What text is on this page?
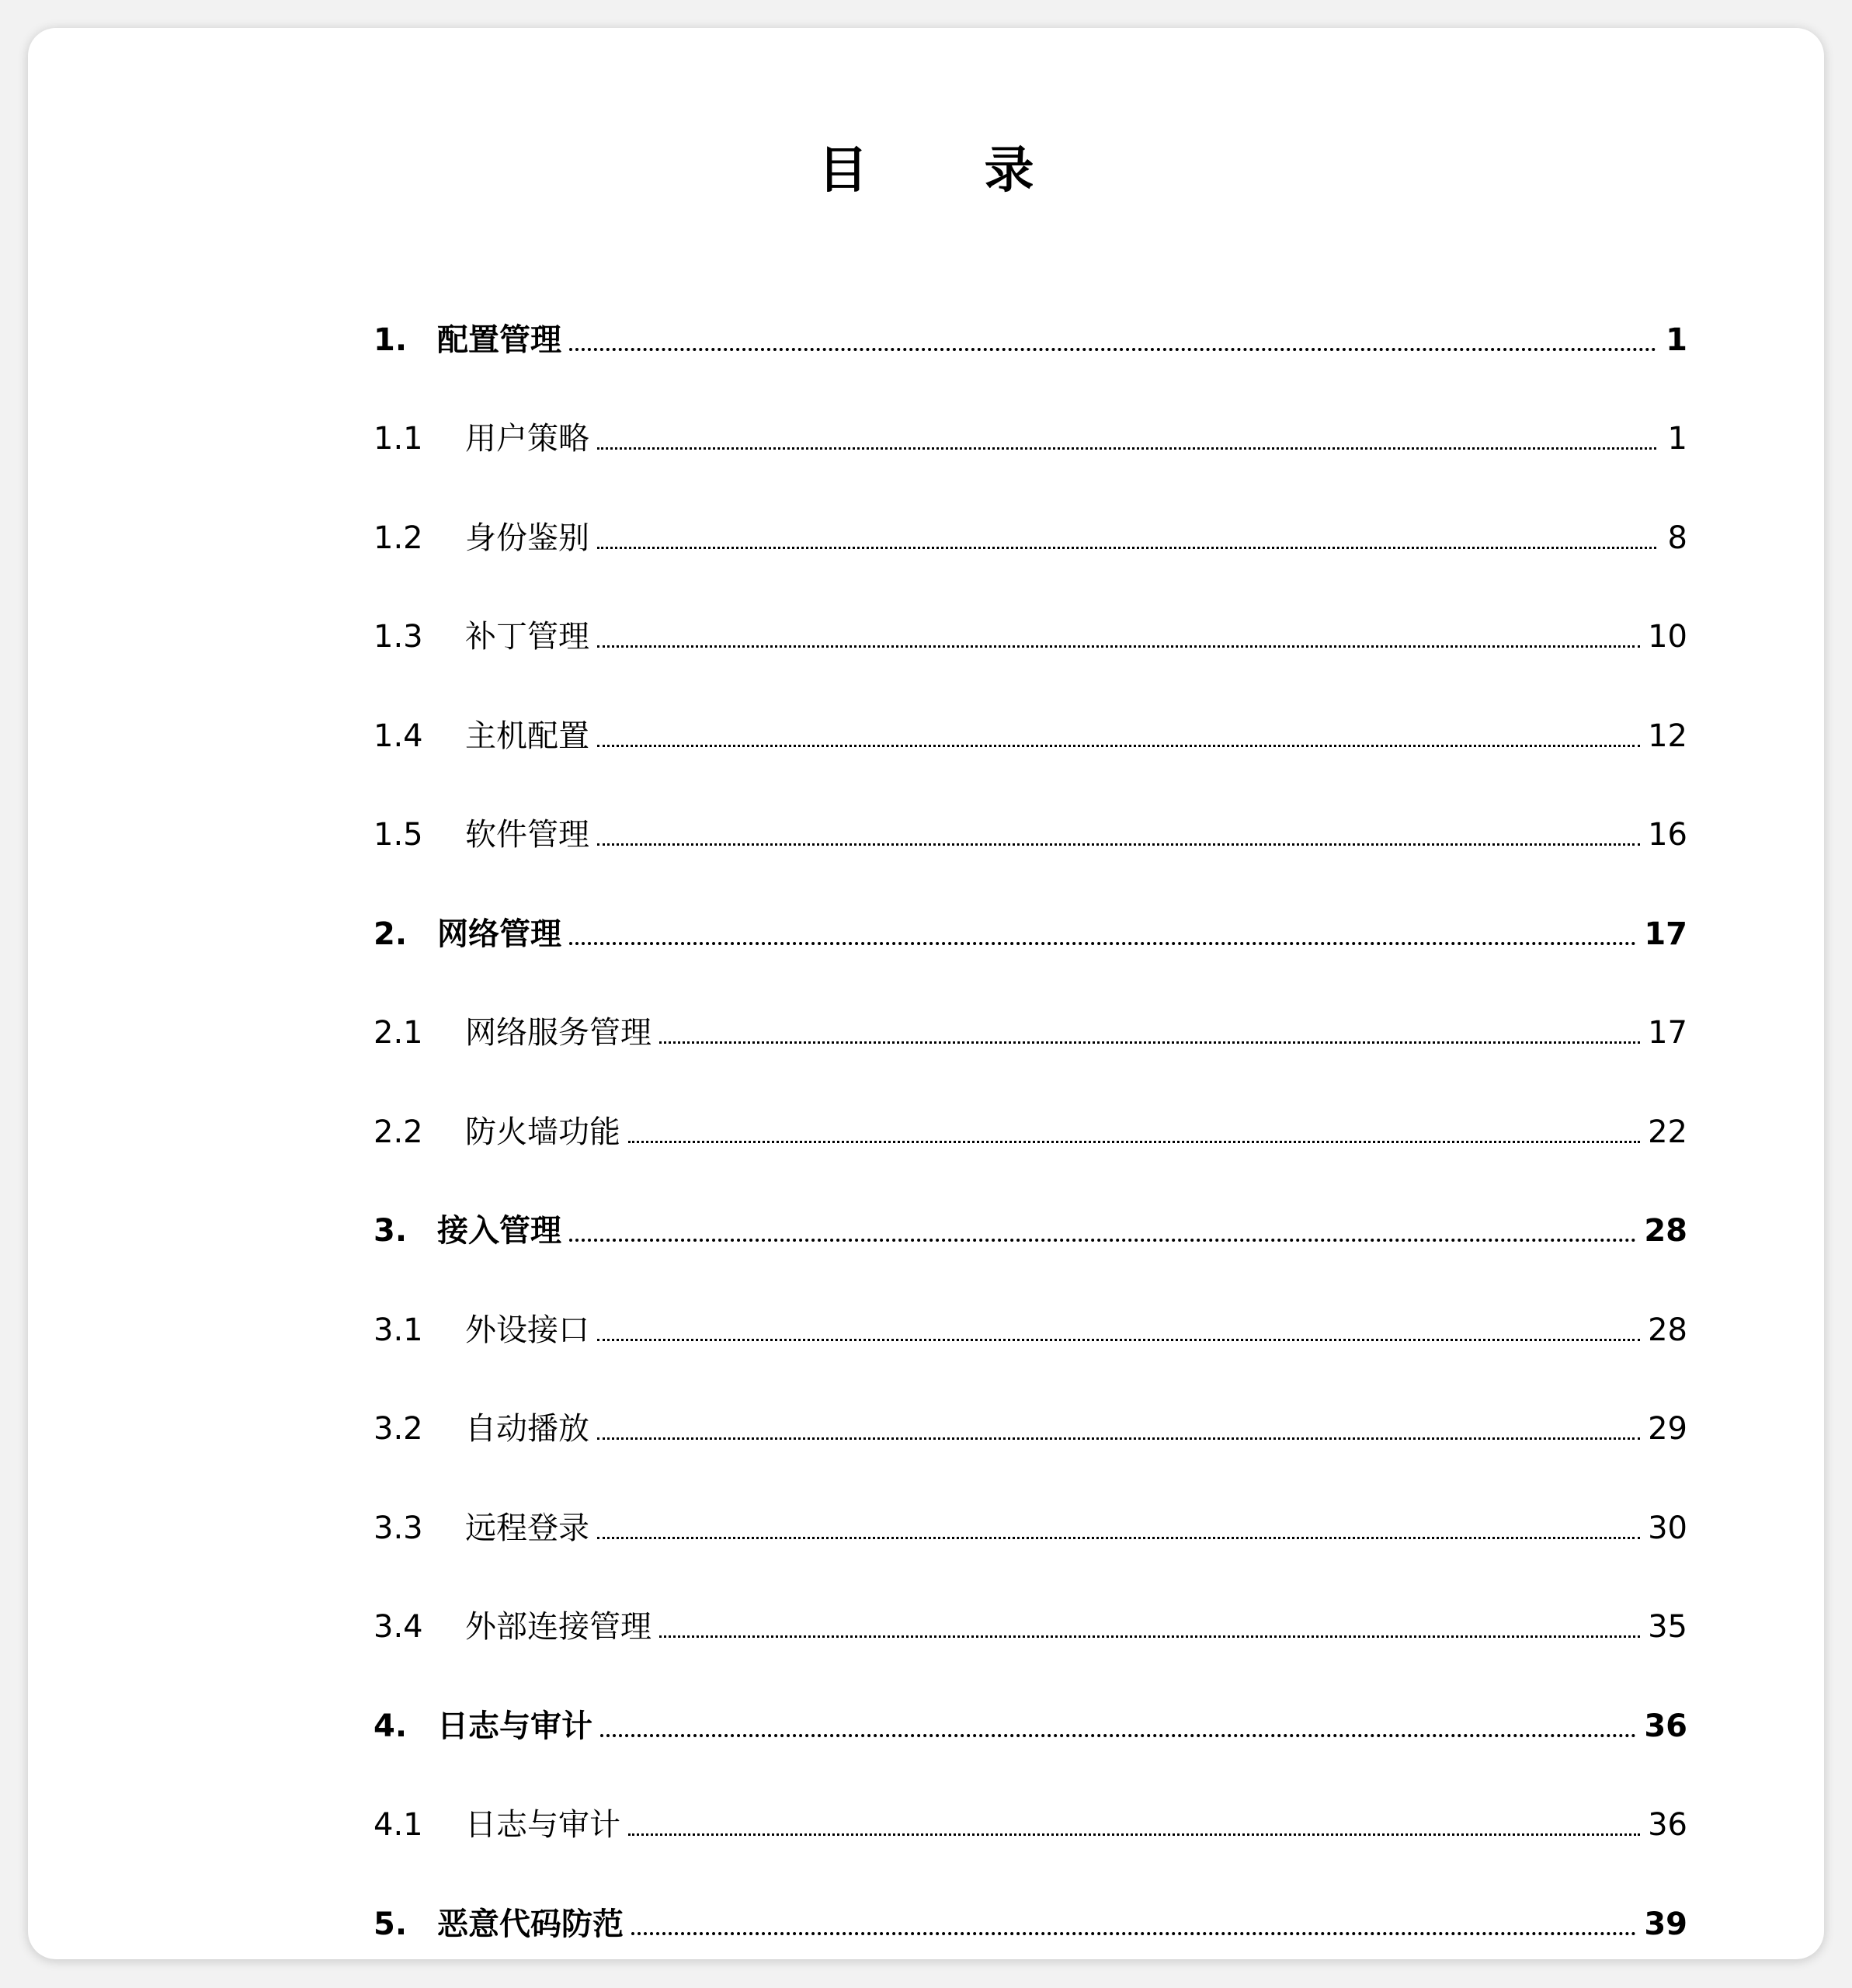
目录
1. 配置管理	1
1.1	用户策略	1
1.2	身份鉴别	8
1.3	补丁管理	10
1.4	主机配置	12
1.5	软件管理	16
2. 网络管理	17
2.1	网络服务管理	17
2.2	防火墙功能	22
3. 接入管理	28
3.1	外设接口	28
3.2	自动播放	29
3.3	远程登录	30
3.4	外部连接管理	35
4. 日志与审计	36
4.1	日志与审计	36
5. 恶意代码防范	39
